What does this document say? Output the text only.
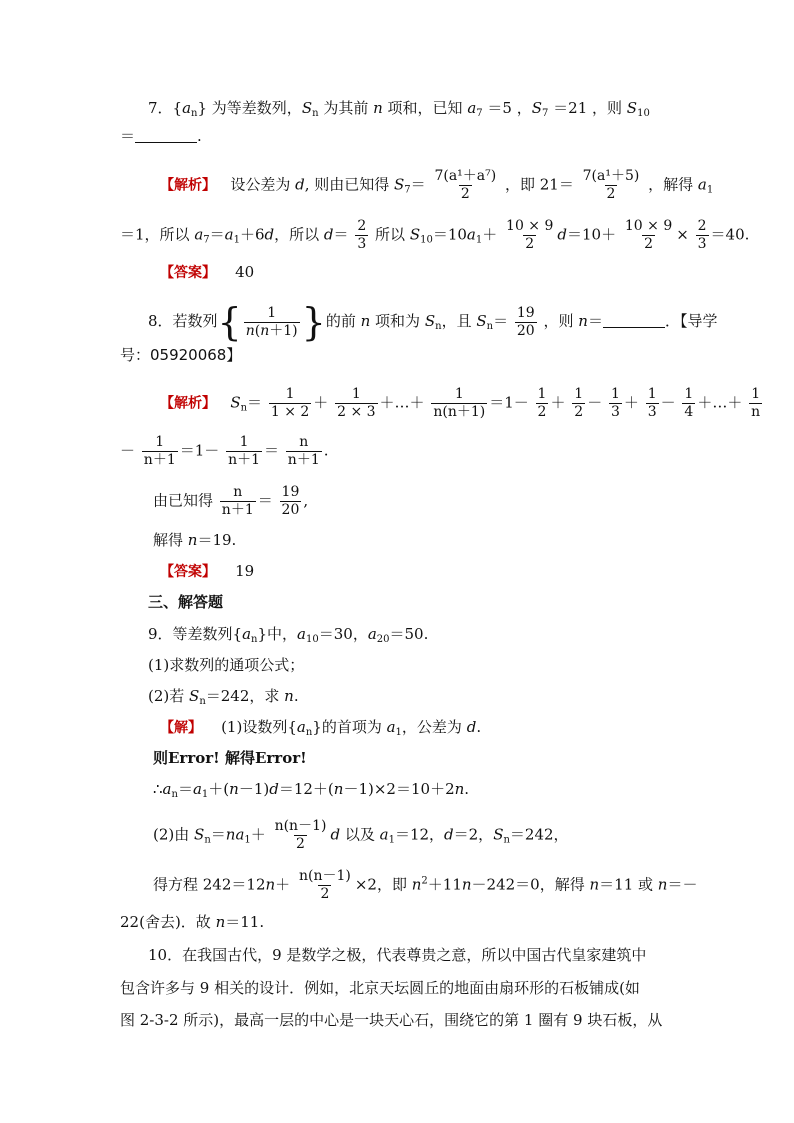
7．$\{a_n\}$ 为等差数列，$S_n$ 为其前 n 项和，已知 $a_7 =5$ ，$S_7 =21$ ，则 $S_{10}$
＝	.
【解析】 设公差为 d, 则由已知得 $S_7= \frac{\text{7(a¹＋a⁷)}}{2}$ ，即 $21= \frac{\text{7(a¹＋5)}}{2}$ ，解得 $a_1$
＝1，所以 $a_7=a_1+6d$，所以 $d= \frac{2}{3}$ 所以 $S_{10}=10a_1+ \frac{10 \times 9}{2} d=10+ \frac{10 \times 9}{2} \times \frac{2}{3} =40$.
【答案】 40
8．若数列{ $\frac{1}{n(n+1)}$ }的前 n 项和为 $S_n$，且 $S_n= \frac{19}{20}$ ，则 n＝	．【导学
号：05920068】
【解析】 $S_n= \frac{1}{1 \times 2} + \frac{1}{2 \times 3}$ ＋…＋ $\frac{1}{n(n+1)} =1- \frac{1}{2} + \frac{1}{2} - \frac{1}{3} + \frac{1}{3} - \frac{1}{4}$ ＋…＋ $\frac{1}{n}$
－ $\frac{1}{n+1} =1- \frac{1}{n+1} = \frac{n}{n+1}$ .
由已知得 $\frac{n}{n+1} = \frac{19}{20}$ ,
解得 n＝19.
【答案】 19
三、解答题
9．等差数列$\{a_n\}$中，$a_{10}=30$，$a_{20}=50$.
(1)求数列的通项公式；
(2)若 $S_n=242$，求 n.
【解】 (1)设数列$\{a_n\}$的首项为 $a_1$，公差为 d.
则Error! 解得Error!
$\therefore a_n=a_1+(n-1)d=12+(n-1)\times 2=10+2n$.
(2)由 $S_n=na_1+ \frac{n(n-1)}{2}$ d 以及 $a_1=12$，d＝2，$S_n=242$，
得方程 $242=12n+ \frac{n(n-1)}{2} \times 2$，即 $n^2+11n-242=0$，解得 n＝11 或 n＝－
22(舍去)．故 n＝11.
10．在我国古代，9 是数学之极，代表尊贵之意，所以中国古代皇家建筑中
包含许多与 9 相关的设计．例如，北京天坛圆丘的地面由扇环形的石板铺成(如
图 2-3-2 所示)，最高一层的中心是一块天心石，围绕它的第 1 圈有 9 块石板，从
